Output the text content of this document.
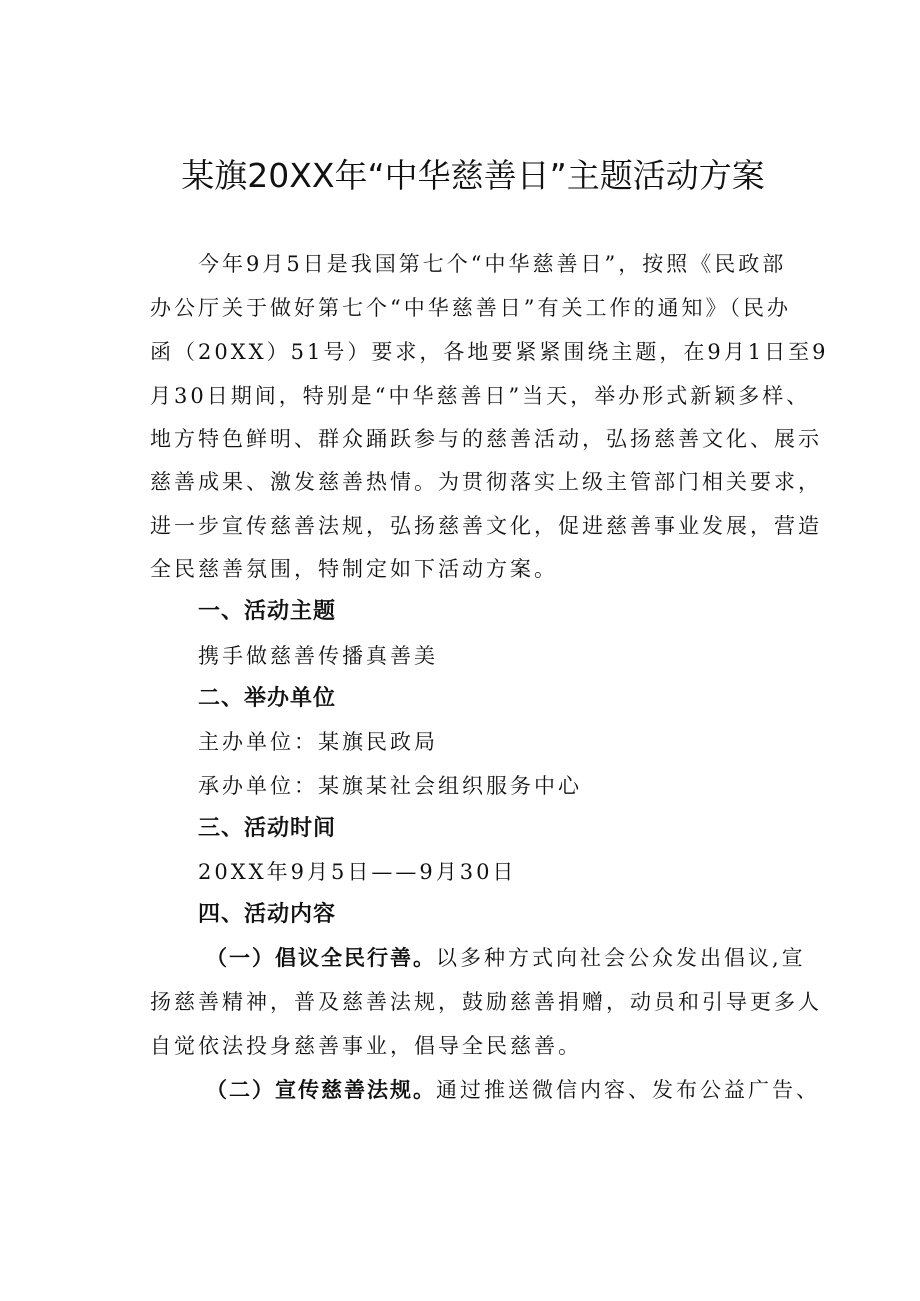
某旗20XX年“中华慈善日”主题活动方案
今年9月5日是我国第七个“中华慈善日”，按照《民政部
办公厅关于做好第七个“中华慈善日”有关工作的通知》（民办
函（20XX）51号）要求，各地要紧紧围绕主题，在9月1日至9
月30日期间，特别是“中华慈善日”当天，举办形式新颖多样、
地方特色鲜明、群众踊跃参与的慈善活动，弘扬慈善文化、展示
慈善成果、激发慈善热情。为贯彻落实上级主管部门相关要求，
进一步宣传慈善法规，弘扬慈善文化，促进慈善事业发展，营造
全民慈善氛围，特制定如下活动方案。
一、活动主题
携手做慈善传播真善美
二、举办单位
主办单位：某旗民政局
承办单位：某旗某社会组织服务中心
三、活动时间
20XX年9月5日——9月30日
四、活动内容
（一）倡议全民行善。以多种方式向社会公众发出倡议,宣
扬慈善精神，普及慈善法规，鼓励慈善捐赠，动员和引导更多人
自觉依法投身慈善事业，倡导全民慈善。
（二）宣传慈善法规。通过推送微信内容、发布公益广告、
